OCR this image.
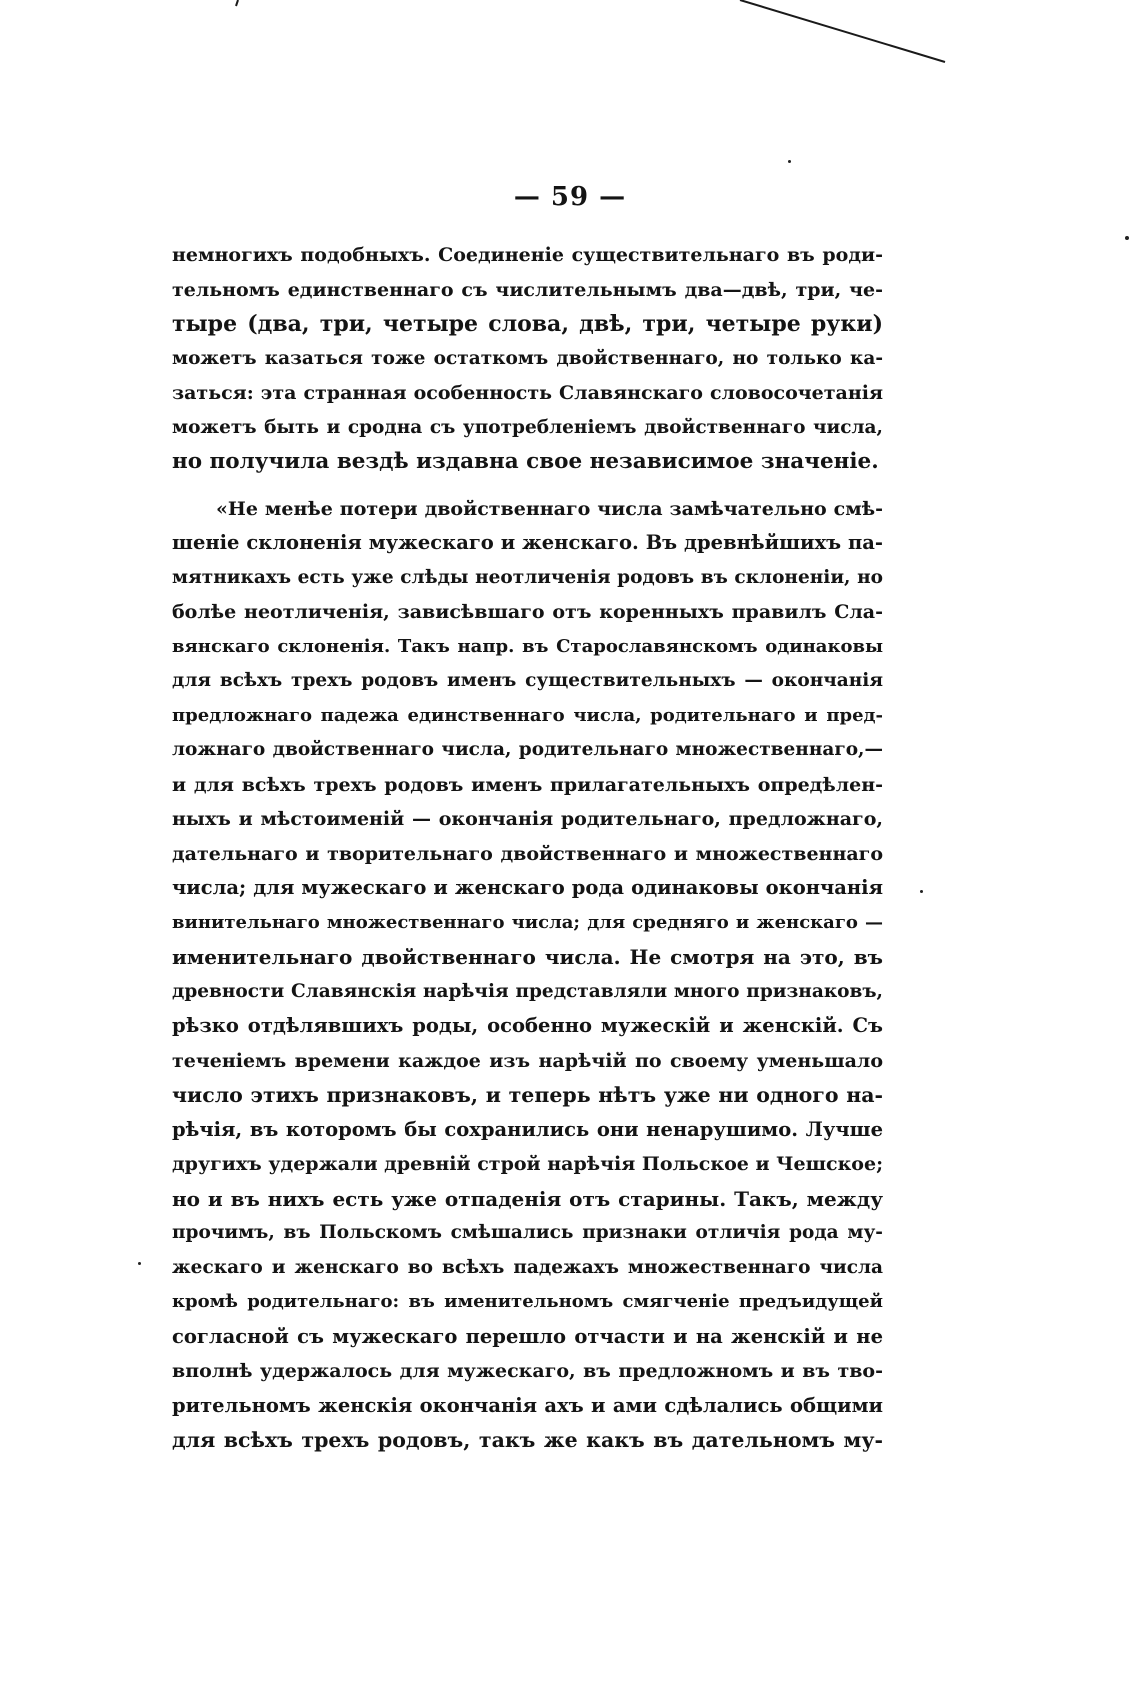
— 59 —
немногихъ подобныхъ. Соединеніе существительнаго въ роди-
тельномъ единственнаго съ числительнымъ два—двѣ, три, че-
тыре (два, три, четыре слова, двѣ, три, четыре руки)
можетъ казаться тоже остаткомъ двойственнаго, но только ка-
заться: эта странная особенность Славянскаго словосочетанія
можетъ быть и сродна съ употребленіемъ двойственнаго числа,
но получила вездѣ издавна свое независимое значеніе.
«Не менѣе потери двойственнаго числа замѣчательно смѣ-
шеніе склоненія мужескаго и женскаго. Въ древнѣйшихъ па-
мятникахъ есть уже слѣды неотличенія родовъ въ склоненіи, но
болѣе неотличенія, зависѣвшаго отъ коренныхъ правилъ Сла-
вянскаго склоненія. Такъ напр. въ Старославянскомъ одинаковы
для всѣхъ трехъ родовъ именъ существительныхъ — окончанія
предложнаго падежа единственнаго числа, родительнаго и пред-
ложнаго двойственнаго числа, родительнаго множественнаго,—
и для всѣхъ трехъ родовъ именъ прилагательныхъ опредѣлен-
ныхъ и мѣстоименій — окончанія родительнаго, предложнаго,
дательнаго и творительнаго двойственнаго и множественнаго
числа; для мужескаго и женскаго рода одинаковы окончанія
винительнаго множественнаго числа; для средняго и женскаго —
именительнаго двойственнаго числа. Не смотря на это, въ
древности Славянскія нарѣчія представляли много признаковъ,
рѣзко отдѣлявшихъ роды, особенно мужескій и женскій. Съ
теченіемъ времени каждое изъ нарѣчій по своему уменьшало
число этихъ признаковъ, и теперь нѣтъ уже ни одного на-
рѣчія, въ которомъ бы сохранились они ненарушимо. Лучше
другихъ удержали древній строй нарѣчія Польское и Чешское;
но и въ нихъ есть уже отпаденія отъ старины. Такъ, между
прочимъ, въ Польскомъ смѣшались признаки отличія рода му-
жескаго и женскаго во всѣхъ падежахъ множественнаго числа
кромѣ родительнаго: въ именительномъ смягченіе предъидущей
согласной съ мужескаго перешло отчасти и на женскій и не
вполнѣ удержалось для мужескаго, въ предложномъ и въ тво-
рительномъ женскія окончанія ахъ и ами сдѣлались общими
для всѣхъ трехъ родовъ, такъ же какъ въ дательномъ му-
